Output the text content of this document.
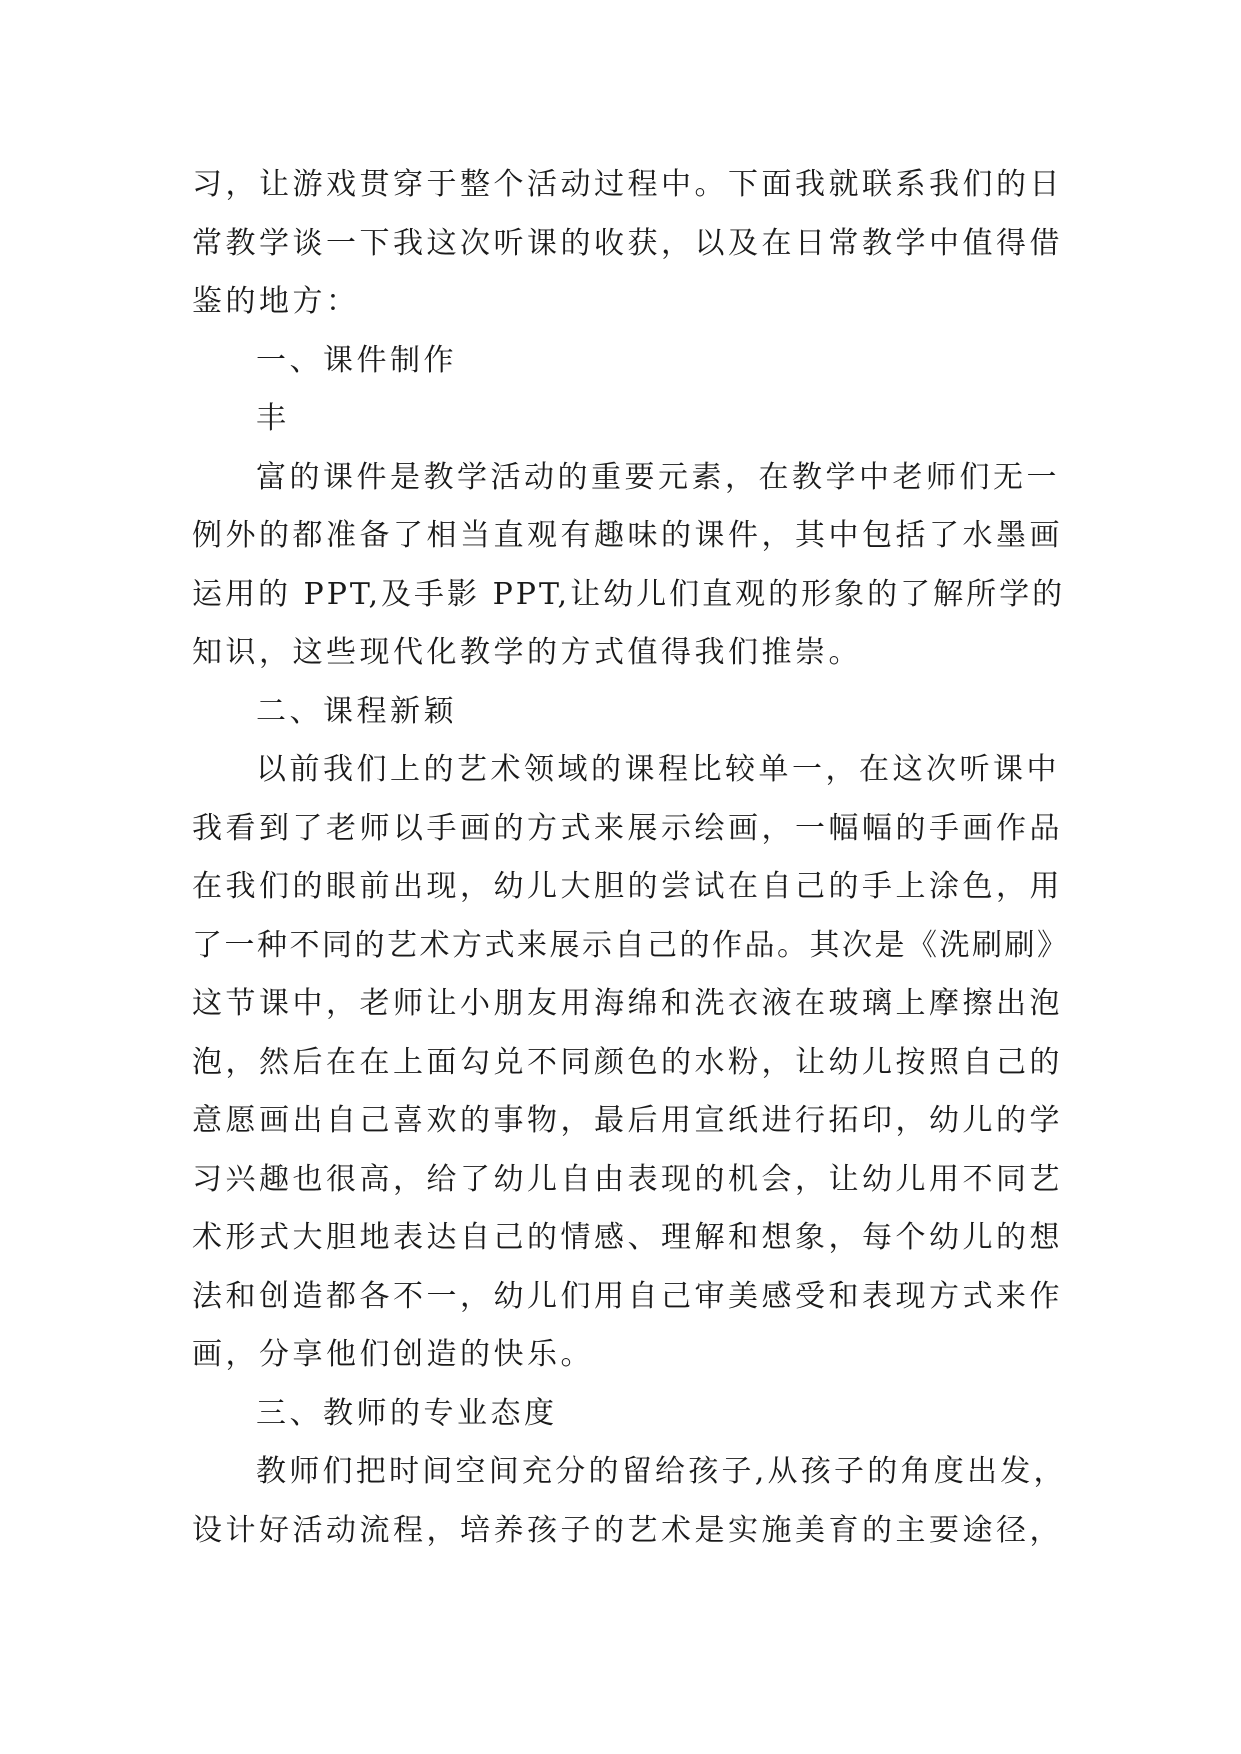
习，让游戏贯穿于整个活动过程中。下面我就联系我们的日
常教学谈一下我这次听课的收获，以及在日常教学中值得借
鉴的地方：
一、课件制作
丰
富的课件是教学活动的重要元素，在教学中老师们无一
例外的都准备了相当直观有趣味的课件，其中包括了水墨画
运用的 PPT,及手影 PPT,让幼儿们直观的形象的了解所学的
知识，这些现代化教学的方式值得我们推崇。
二、课程新颖
以前我们上的艺术领域的课程比较单一，在这次听课中
我看到了老师以手画的方式来展示绘画，一幅幅的手画作品
在我们的眼前出现，幼儿大胆的尝试在自己的手上涂色，用
了一种不同的艺术方式来展示自己的作品。其次是《洗刷刷》
这节课中，老师让小朋友用海绵和洗衣液在玻璃上摩擦出泡
泡，然后在在上面勾兑不同颜色的水粉，让幼儿按照自己的
意愿画出自己喜欢的事物，最后用宣纸进行拓印，幼儿的学
习兴趣也很高，给了幼儿自由表现的机会，让幼儿用不同艺
术形式大胆地表达自己的情感、理解和想象，每个幼儿的想
法和创造都各不一，幼儿们用自己审美感受和表现方式来作
画，分享他们创造的快乐。
三、教师的专业态度
教师们把时间空间充分的留给孩子,从孩子的角度出发，
设计好活动流程，培养孩子的艺术是实施美育的主要途径，
